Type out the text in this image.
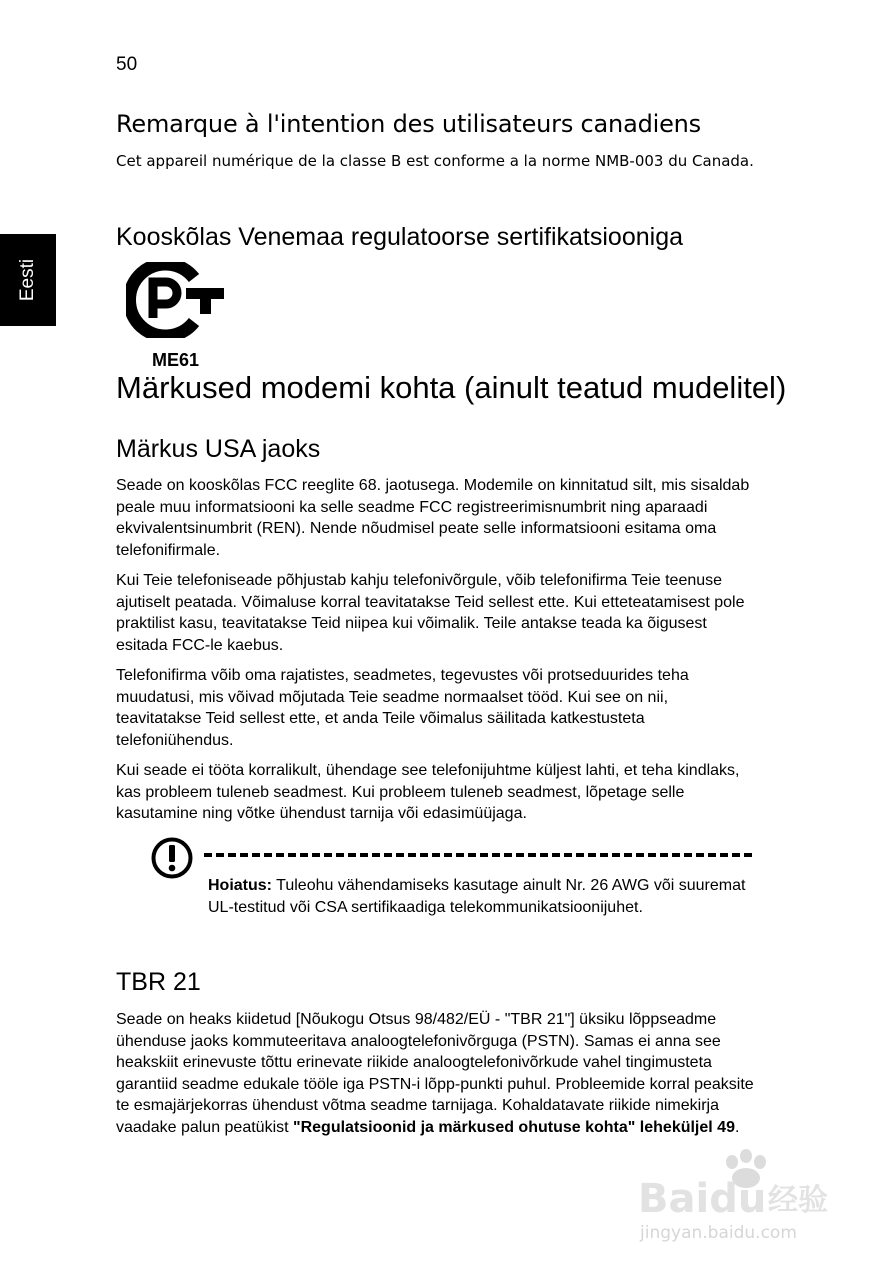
50
Eesti
Remarque à l'intention des utilisateurs canadiens
Cet appareil numérique de la classe B est conforme a la norme NMB-003 du Canada.
Kooskõlas Venemaa regulatoorse sertifikatsiooniga
ME61
Märkused modemi kohta (ainult teatud mudelitel)
Märkus USA jaoks

Seade on kooskõlas FCC reeglite 68. jaotusega. Modemile on kinnitatud silt, mis sisaldab peale muu informatsiooni ka selle seadme FCC registreerimisnumbrit ning aparaadi ekvivalentsinumbrit (REN). Nende nõudmisel peate selle informatsiooni esitama oma telefonifirmale.

Kui Teie telefoniseade põhjustab kahju telefonivõrgule, võib telefonifirma Teie teenuse ajutiselt peatada. Võimaluse korral teavitatakse Teid sellest ette. Kui etteteatamisest pole praktilist kasu, teavitatakse Teid niipea kui võimalik. Teile antakse teada ka õigusest esitada FCC-le kaebus.

Telefonifirma võib oma rajatistes, seadmetes, tegevustes või protseduurides teha muudatusi, mis võivad mõjutada Teie seadme normaalset tööd. Kui see on nii, teavitatakse Teid sellest ette, et anda Teile võimalus säilitada katkestusteta telefoniühendus.

Kui seade ei tööta korralikult, ühendage see telefonijuhtme küljest lahti, et teha kindlaks, kas probleem tuleneb seadmest. Kui probleem tuleneb seadmest, lõpetage selle kasutamine ning võtke ühendust tarnija või edasimüüjaga.

Hoiatus: Tuleohu vähendamiseks kasutage ainult Nr. 26 AWG või suuremat UL-testitud või CSA sertifikaadiga telekommunikatsioonijuhet.
TBR 21
Seade on heaks kiidetud [Nõukogu Otsus 98/482/EÜ - "TBR 21"] üksiku lõppseadme ühenduse jaoks kommuteeritava analoogtelefonivõrguga (PSTN). Samas ei anna see heakskiit erinevuste tõttu erinevate riikide analoogtelefonivõrkude vahel tingimusteta garantiid seadme edukale tööle iga PSTN-i lõpp-punkti puhul. Probleemide korral peaksite te esmajärjekorras ühendust võtma seadme tarnijaga. Kohaldatavate riikide nimekirja vaadake palun peatükist "Regulatsioonid ja märkused ohutuse kohta" leheküljel 49.
Baidu 经验
jingyan.baidu.com
